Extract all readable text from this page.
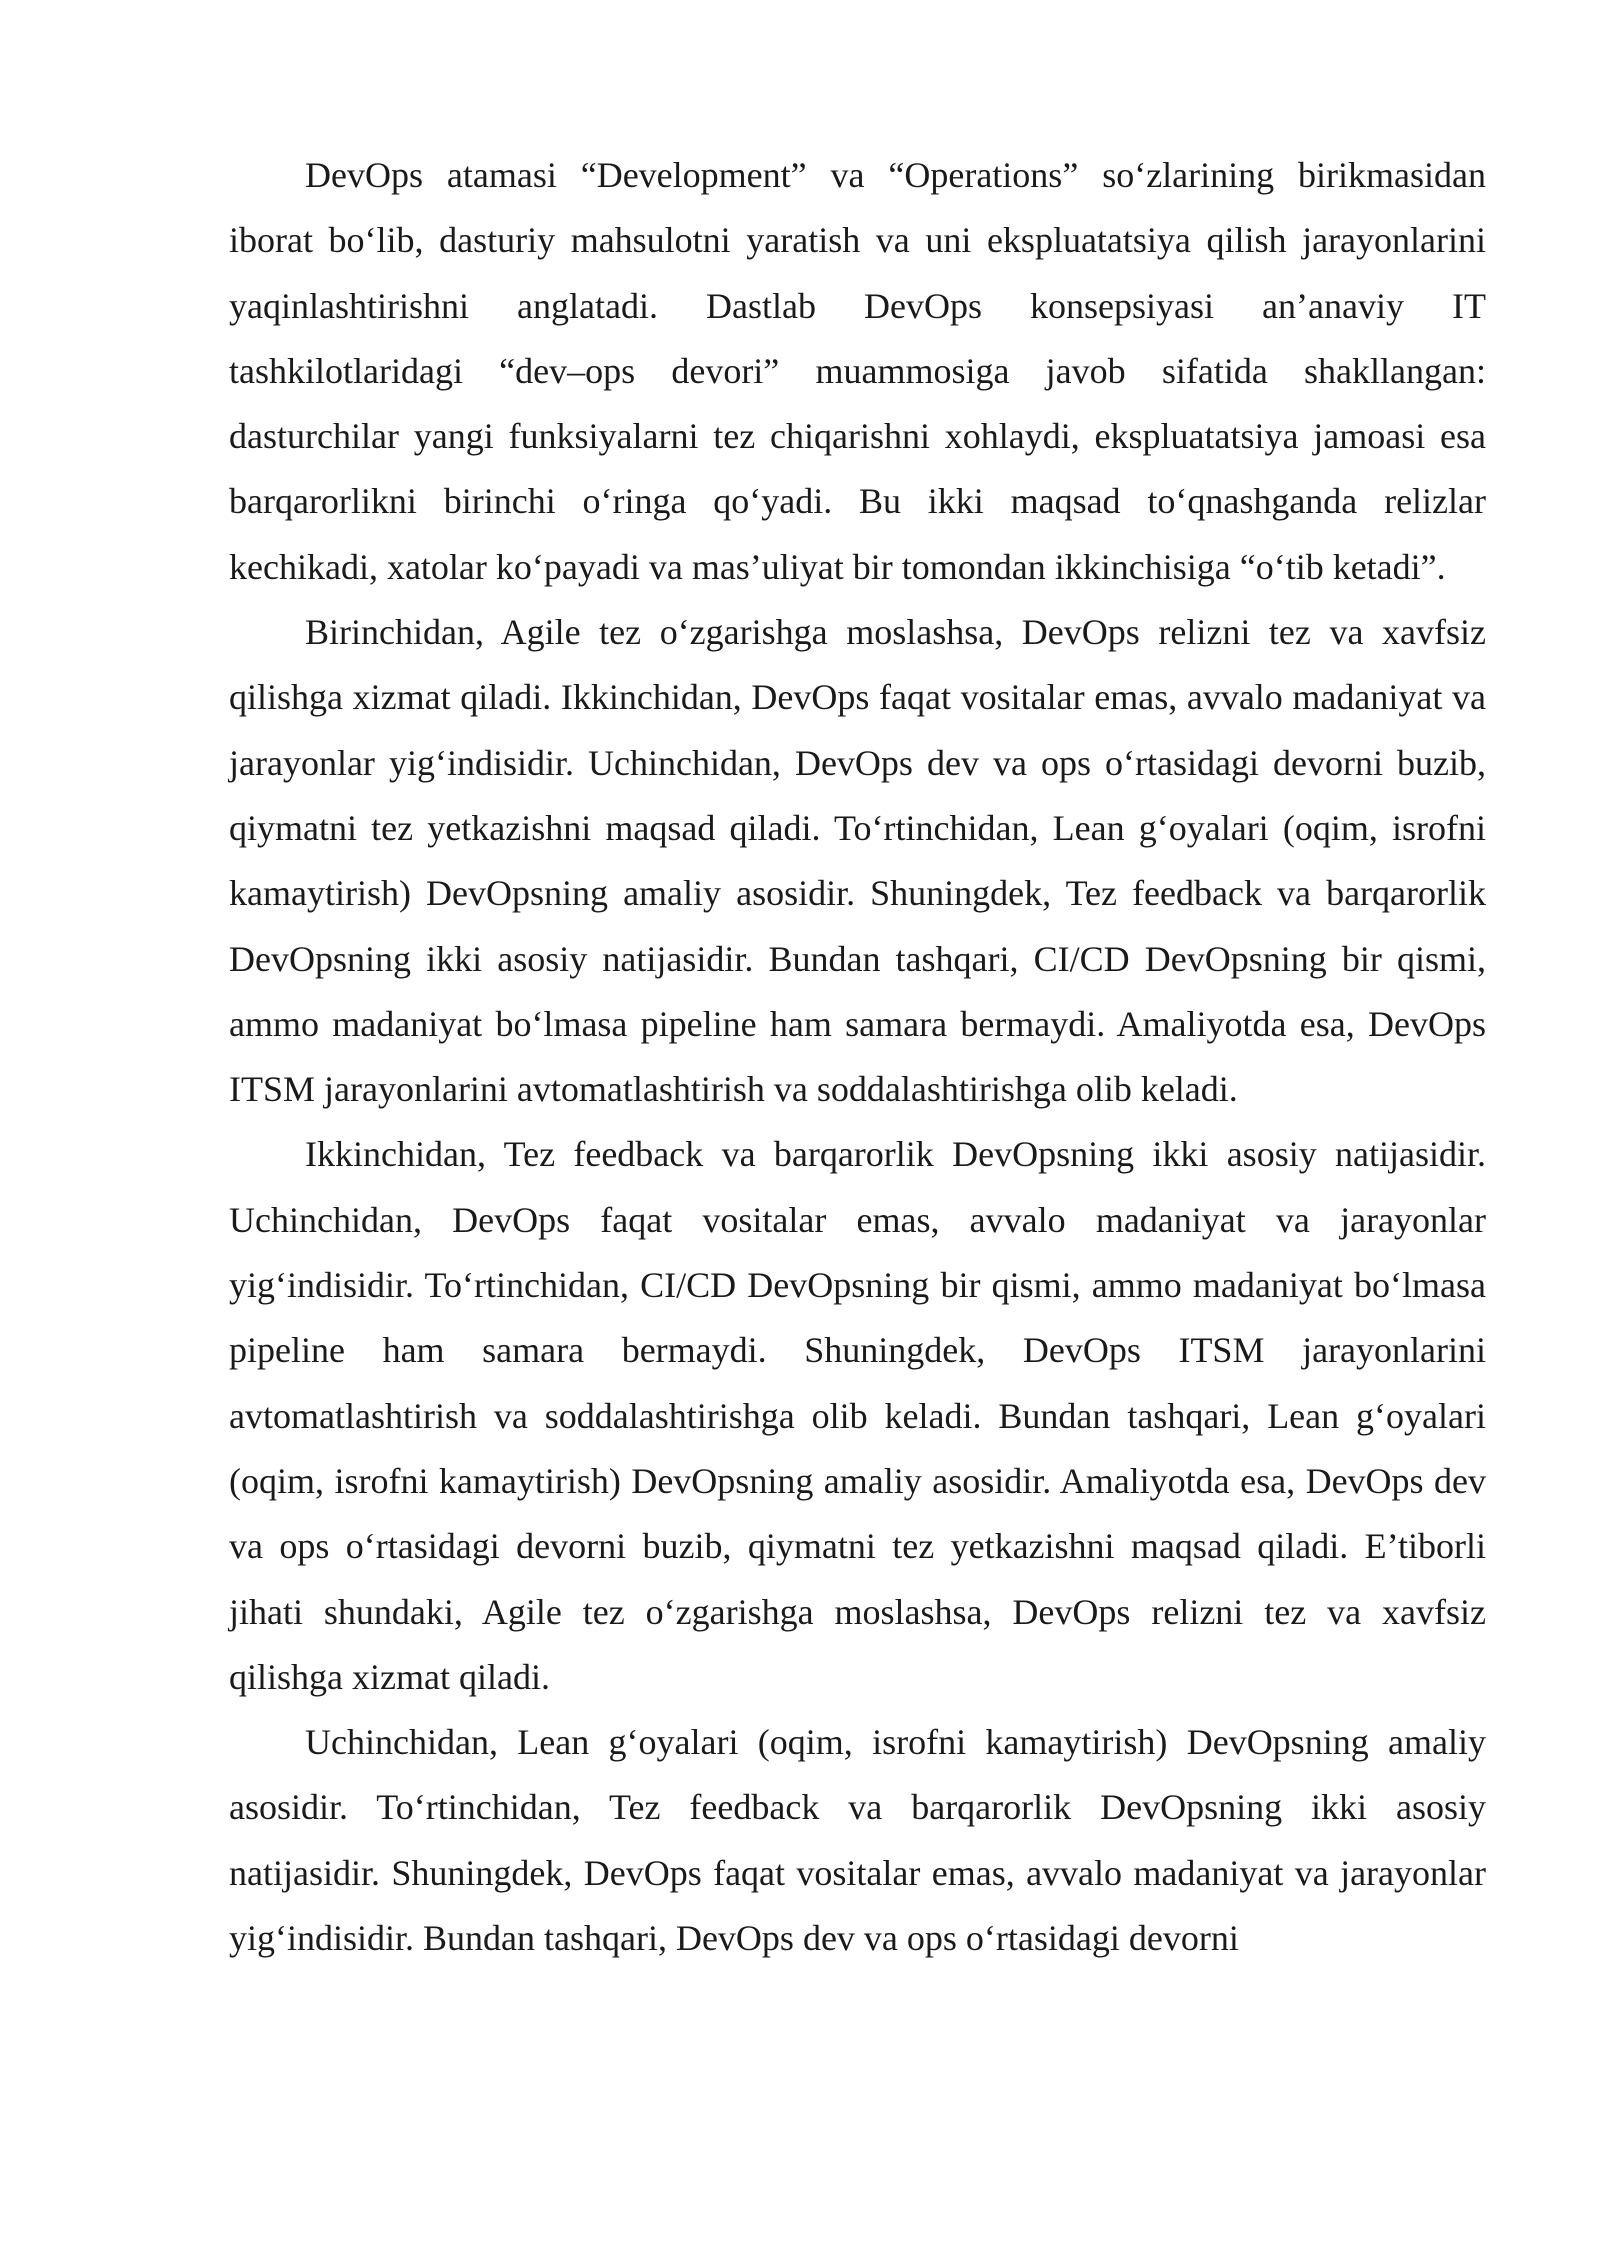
DevOps atamasi “Development” va “Operations” so‘zlarining birikmasidan iborat bo‘lib, dasturiy mahsulotni yaratish va uni ekspluatatsiya qilish jarayonlarini yaqinlashtirishni anglatadi. Dastlab DevOps konsepsiyasi an’anaviy IT tashkilotlaridagi “dev–ops devori” muammosiga javob sifatida shakllangan: dasturchilar yangi funksiyalarni tez chiqarishni xohlaydi, ekspluatatsiya jamoasi esa barqarorlikni birinchi o‘ringa qo‘yadi. Bu ikki maqsad to‘qnashganda relizlar kechikadi, xatolar ko‘payadi va mas’uliyat bir tomondan ikkinchisiga “o‘tib ketadi”.

Birinchidan, Agile tez o‘zgarishga moslashsa, DevOps relizni tez va xavfsiz qilishga xizmat qiladi. Ikkinchidan, DevOps faqat vositalar emas, avvalo madaniyat va jarayonlar yig‘indisidir. Uchinchidan, DevOps dev va ops o‘rtasidagi devorni buzib, qiymatni tez yetkazishni maqsad qiladi. To‘rtinchidan, Lean g‘oyalari (oqim, isrofni kamaytirish) DevOpsning amaliy asosidir. Shuningdek, Tez feedback va barqarorlik DevOpsning ikki asosiy natijasidir. Bundan tashqari, CI/CD DevOpsning bir qismi, ammo madaniyat bo‘lmasa pipeline ham samara bermaydi. Amaliyotda esa, DevOps ITSM jarayonlarini avtomatlashtirish va soddalashtirishga olib keladi.

Ikkinchidan, Tez feedback va barqarorlik DevOpsning ikki asosiy natijasidir. Uchinchidan, DevOps faqat vositalar emas, avvalo madaniyat va jarayonlar yig‘indisidir. To‘rtinchidan, CI/CD DevOpsning bir qismi, ammo madaniyat bo‘lmasa pipeline ham samara bermaydi. Shuningdek, DevOps ITSM jarayonlarini avtomatlashtirish va soddalashtirishga olib keladi. Bundan tashqari, Lean g‘oyalari (oqim, isrofni kamaytirish) DevOpsning amaliy asosidir. Amaliyotda esa, DevOps dev va ops o‘rtasidagi devorni buzib, qiymatni tez yetkazishni maqsad qiladi. E’tiborli jihati shundaki, Agile tez o‘zgarishga moslashsa, DevOps relizni tez va xavfsiz qilishga xizmat qiladi.

Uchinchidan, Lean g‘oyalari (oqim, isrofni kamaytirish) DevOpsning amaliy asosidir. To‘rtinchidan, Tez feedback va barqarorlik DevOpsning ikki asosiy natijasidir. Shuningdek, DevOps faqat vositalar emas, avvalo madaniyat va jarayonlar yig‘indisidir. Bundan tashqari, DevOps dev va ops o‘rtasidagi devorni
